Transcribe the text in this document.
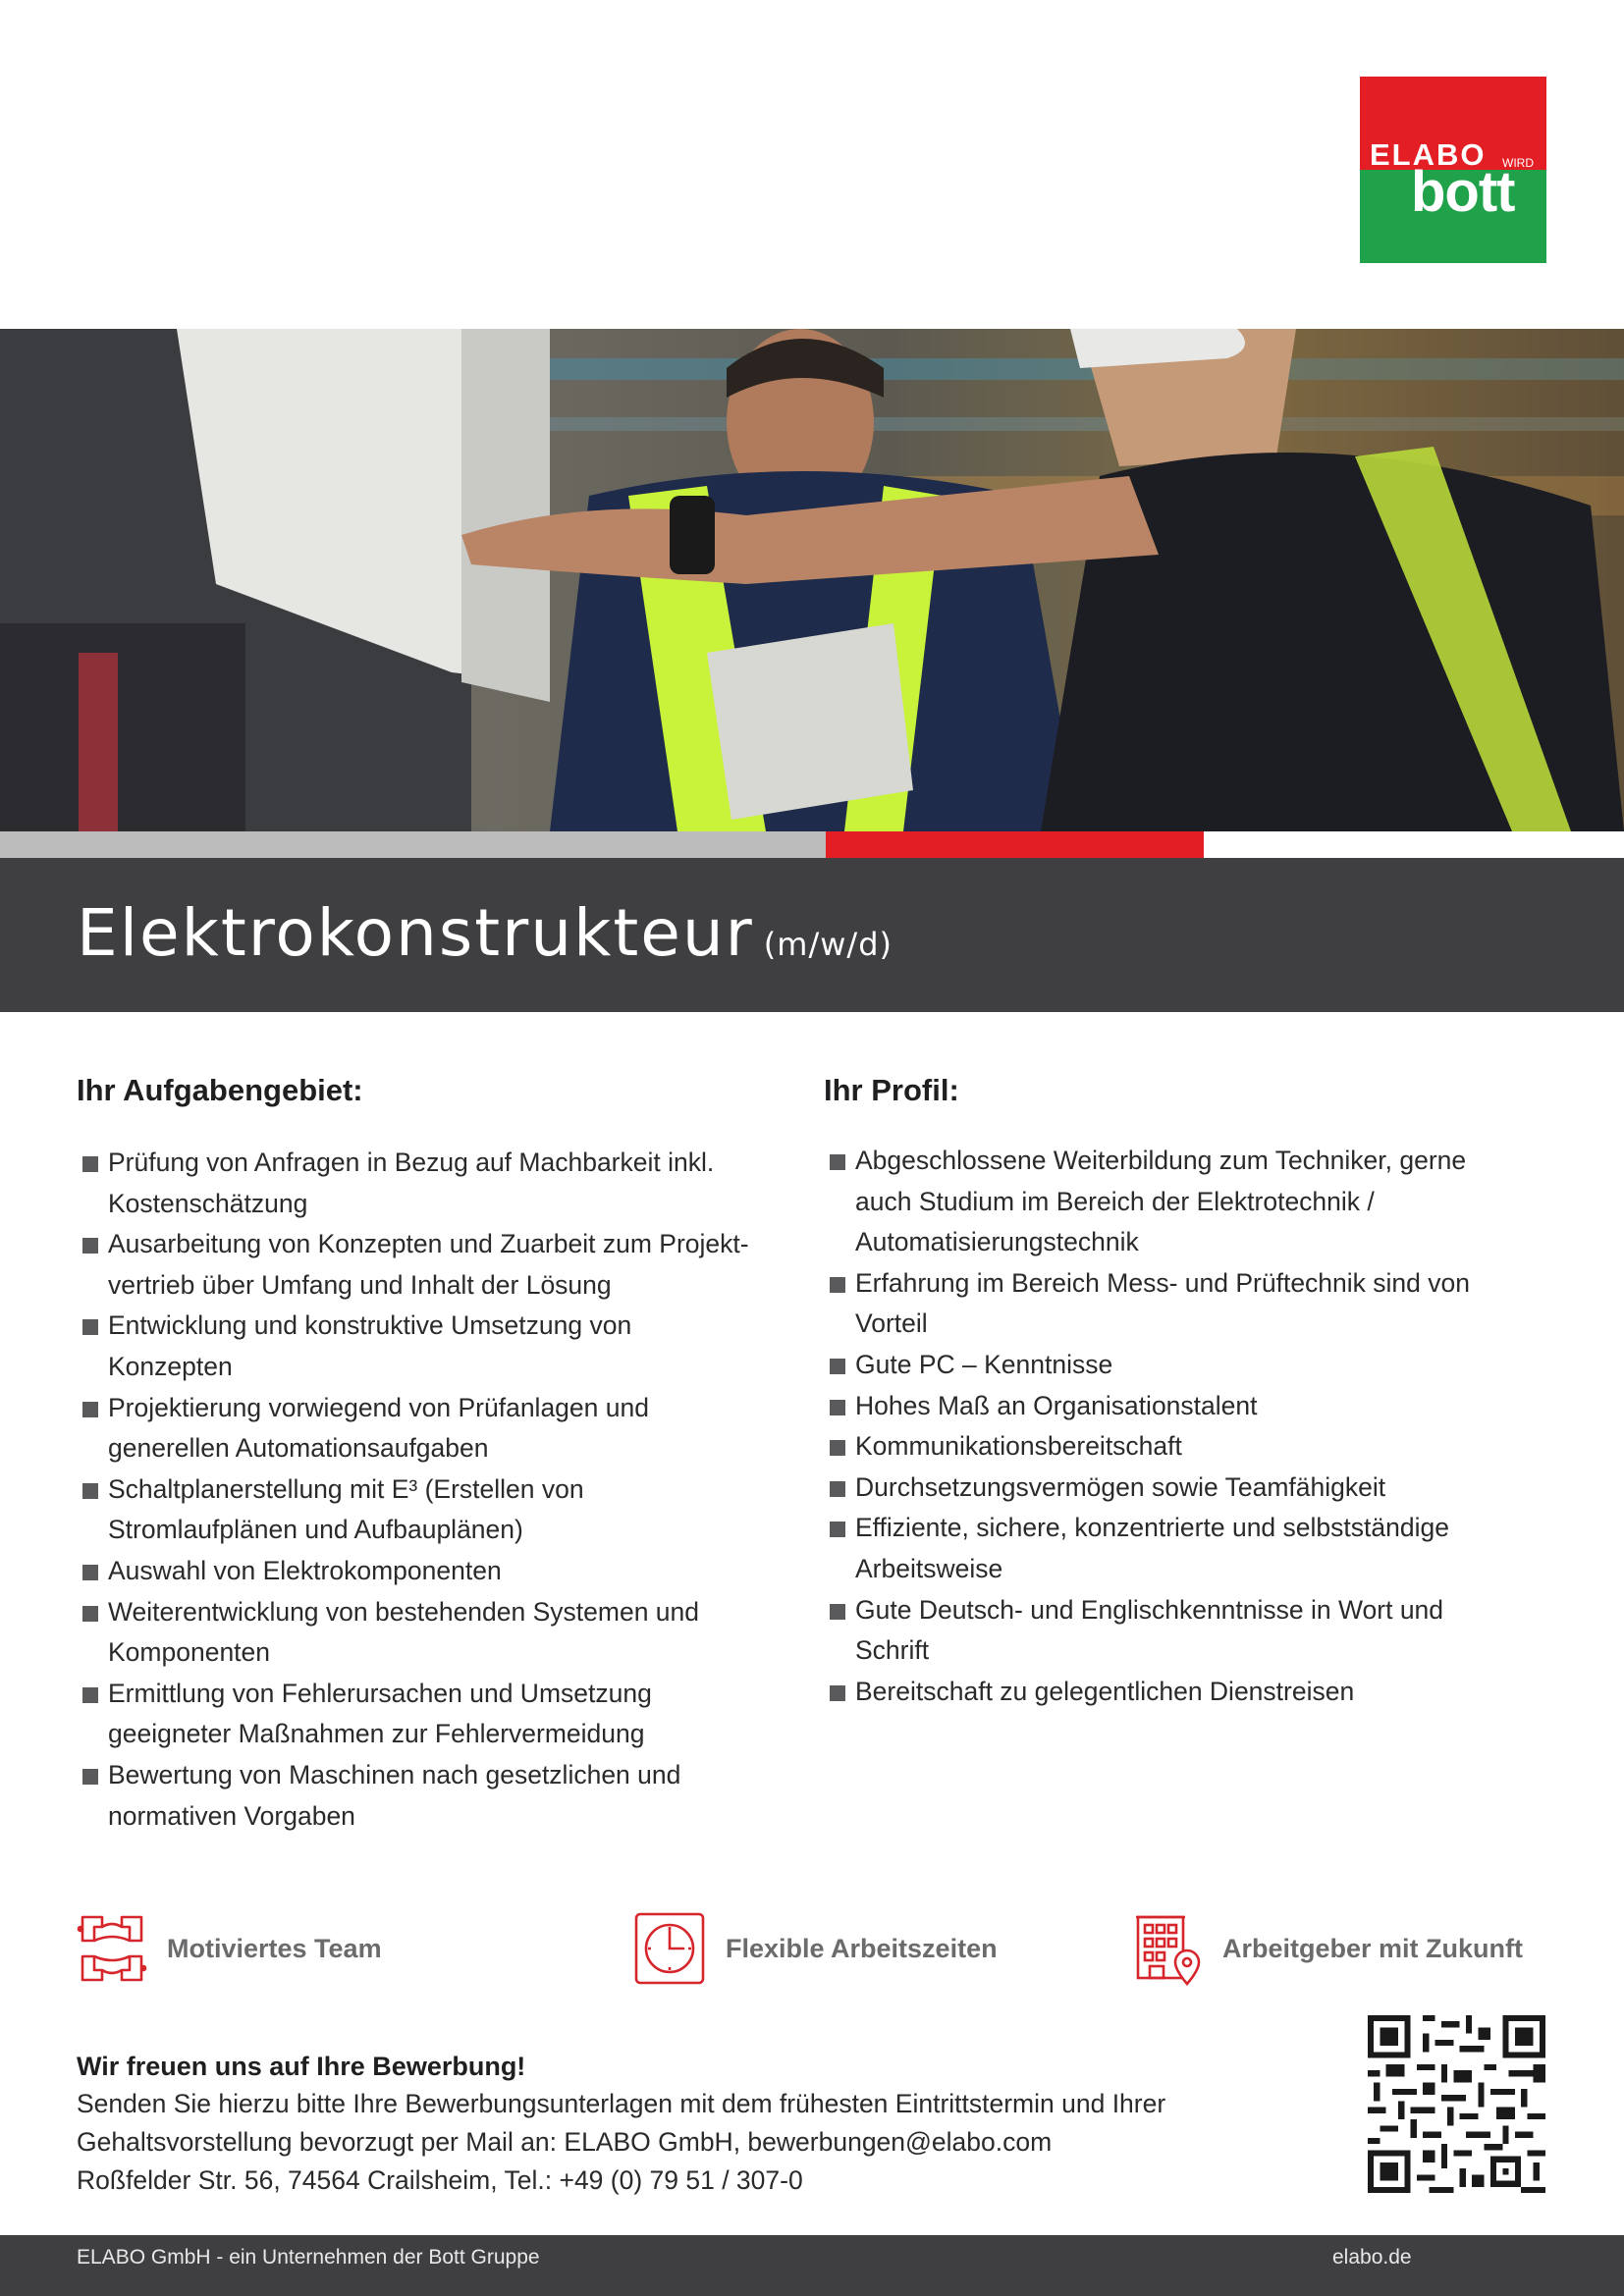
ELABO WIRD
bott
Elektrokonstrukteur (m/w/d)
Ihr Aufgabengebiet:
Prüfung von Anfragen in Bezug auf Machbarkeit inkl.
Kostenschätzung
Ausarbeitung von Konzepten und Zuarbeit zum Projekt-
vertrieb über Umfang und Inhalt der Lösung
Entwicklung und konstruktive Umsetzung von
Konzepten
Projektierung vorwiegend von Prüfanlagen und
generellen Automationsaufgaben
Schaltplanerstellung mit E³ (Erstellen von
Stromlaufplänen und Aufbauplänen)
Auswahl von Elektrokomponenten
Weiterentwicklung von bestehenden Systemen und
Komponenten
Ermittlung von Fehlerursachen und Umsetzung
geeigneter Maßnahmen zur Fehlervermeidung
Bewertung von Maschinen nach gesetzlichen und
normativen Vorgaben
Ihr Profil:
Abgeschlossene Weiterbildung zum Techniker, gerne
auch Studium im Bereich der Elektrotechnik /
Automatisierungstechnik
Erfahrung im Bereich Mess- und Prüftechnik sind von
Vorteil
Gute PC – Kenntnisse
Hohes Maß an Organisationstalent
Kommunikationsbereitschaft
Durchsetzungsvermögen sowie Teamfähigkeit
Effiziente, sichere, konzentrierte und selbstständige
Arbeitsweise
Gute Deutsch- und Englischkenntnisse in Wort und
Schrift
Bereitschaft zu gelegentlichen Dienstreisen
Motiviertes Team	Flexible Arbeitszeiten	Arbeitgeber mit Zukunft
Wir freuen uns auf Ihre Bewerbung!
Senden Sie hierzu bitte Ihre Bewerbungsunterlagen mit dem frühesten Eintrittstermin und Ihrer
Gehaltsvorstellung bevorzugt per Mail an: ELABO GmbH, bewerbungen@elabo.com
Roßfelder Str. 56, 74564 Crailsheim, Tel.: +49 (0) 79 51 / 307-0
ELABO GmbH - ein Unternehmen der Bott Gruppe	elabo.de
